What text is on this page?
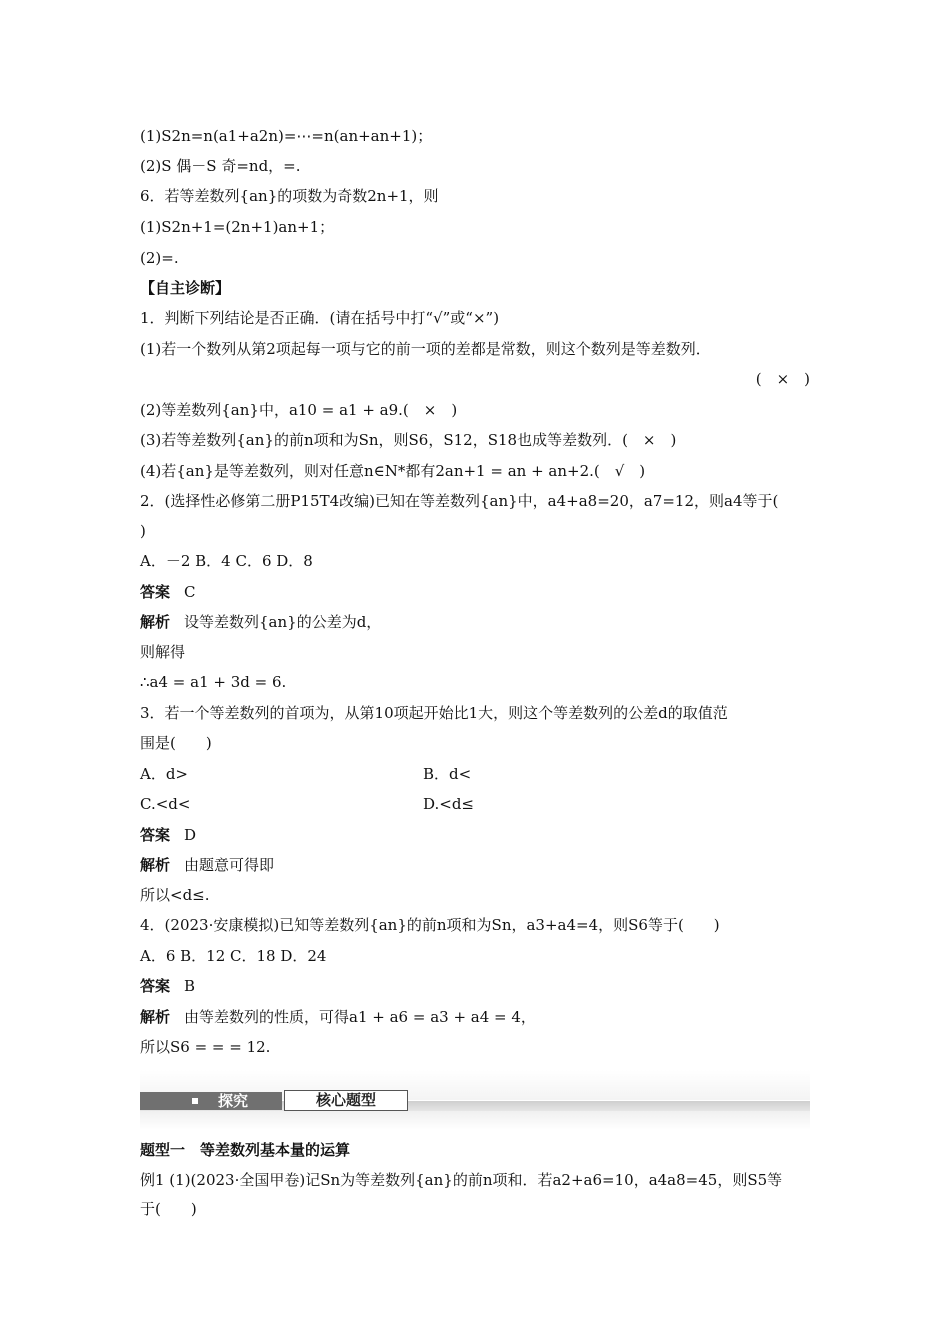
(1)S2n=n(a1+a2n)=⋯=n(an+an+1)；
(2)S 偶－S 奇=nd，=.
6．若等差数列{an}的项数为奇数2n+1，则
(1)S2n+1=(2n+1)an+1；
(2)=.
【自主诊断】
1．判断下列结论是否正确．(请在括号中打“√”或“×”)
(1)若一个数列从第2项起每一项与它的前一项的差都是常数，则这个数列是等差数列．
(　×　)
(2)等差数列{an}中，a10 = a1 + a9.(　×　)
(3)若等差数列{an}的前n项和为Sn，则S6，S12，S18也成等差数列．(　×　)
(4)若{an}是等差数列，则对任意n∈N*都有2an+1 = an + an+2.(　√　)
2．(选择性必修第二册P15T4改编)已知在等差数列{an}中，a4+a8=20，a7=12，则a4等于(
)
A．－2 B．4 C．6 D．8
答案 C
解析 设等差数列{an}的公差为d，
则解得
∴a4 = a1 + 3d = 6.
3．若一个等差数列的首项为，从第10项起开始比1大，则这个等差数列的公差d的取值范
围是(　　)
A．d>	B．d<
C.<d<	D.<d≤
答案 D
解析 由题意可得即
所以<d≤.
4．(2023·安康模拟)已知等差数列{an}的前n项和为Sn，a3+a4=4，则S6等于(　　)
A．6 B．12 C．18 D．24
答案 B
解析 由等差数列的性质，可得a1 + a6 = a3 + a4 = 4，
所以S6 = = = 12.
探究	核心题型
题型一　等差数列基本量的运算
例1 (1)(2023·全国甲卷)记Sn为等差数列{an}的前n项和．若a2+a6=10，a4a8=45，则S5等
于(　　)
